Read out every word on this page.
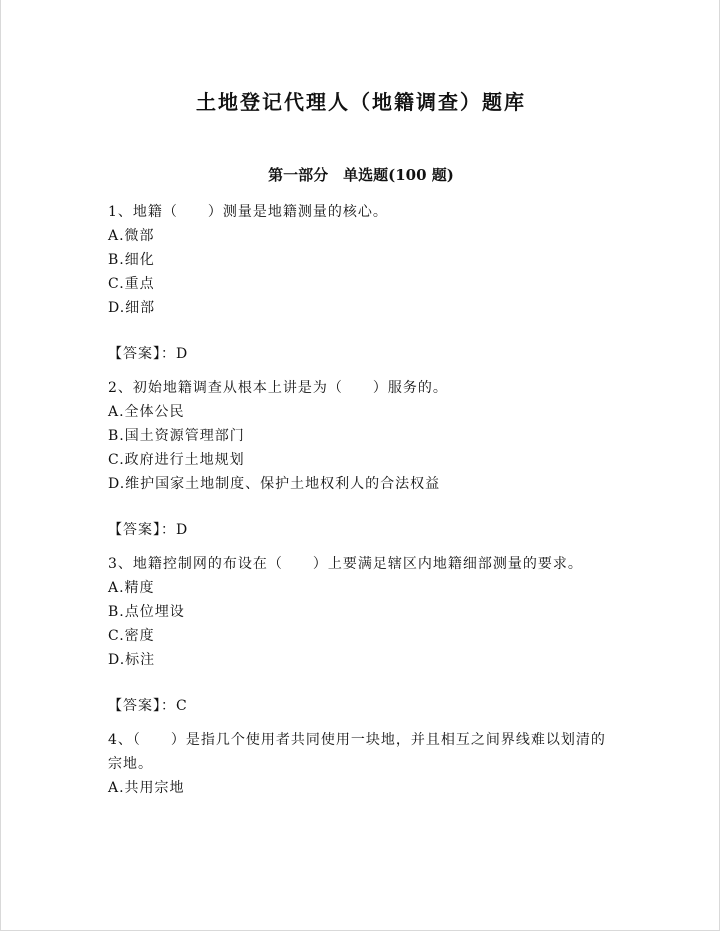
土地登记代理人（地籍调查）题库
第一部分　单选题(100 题)

1、地籍（　　）测量是地籍测量的核心。

A.微部

B.细化

C.重点

D.细部

【答案】：D

2、初始地籍调查从根本上讲是为（　　）服务的。

A.全体公民

B.国土资源管理部门

C.政府进行土地规划

D.维护国家土地制度、保护土地权利人的合法权益

【答案】：D

3、地籍控制网的布设在（　　）上要满足辖区内地籍细部测量的要求。

A.精度

B.点位埋设

C.密度

D.标注

【答案】：C

4、（　　）是指几个使用者共同使用一块地，并且相互之间界线难以划清的宗地。

A.共用宗地
